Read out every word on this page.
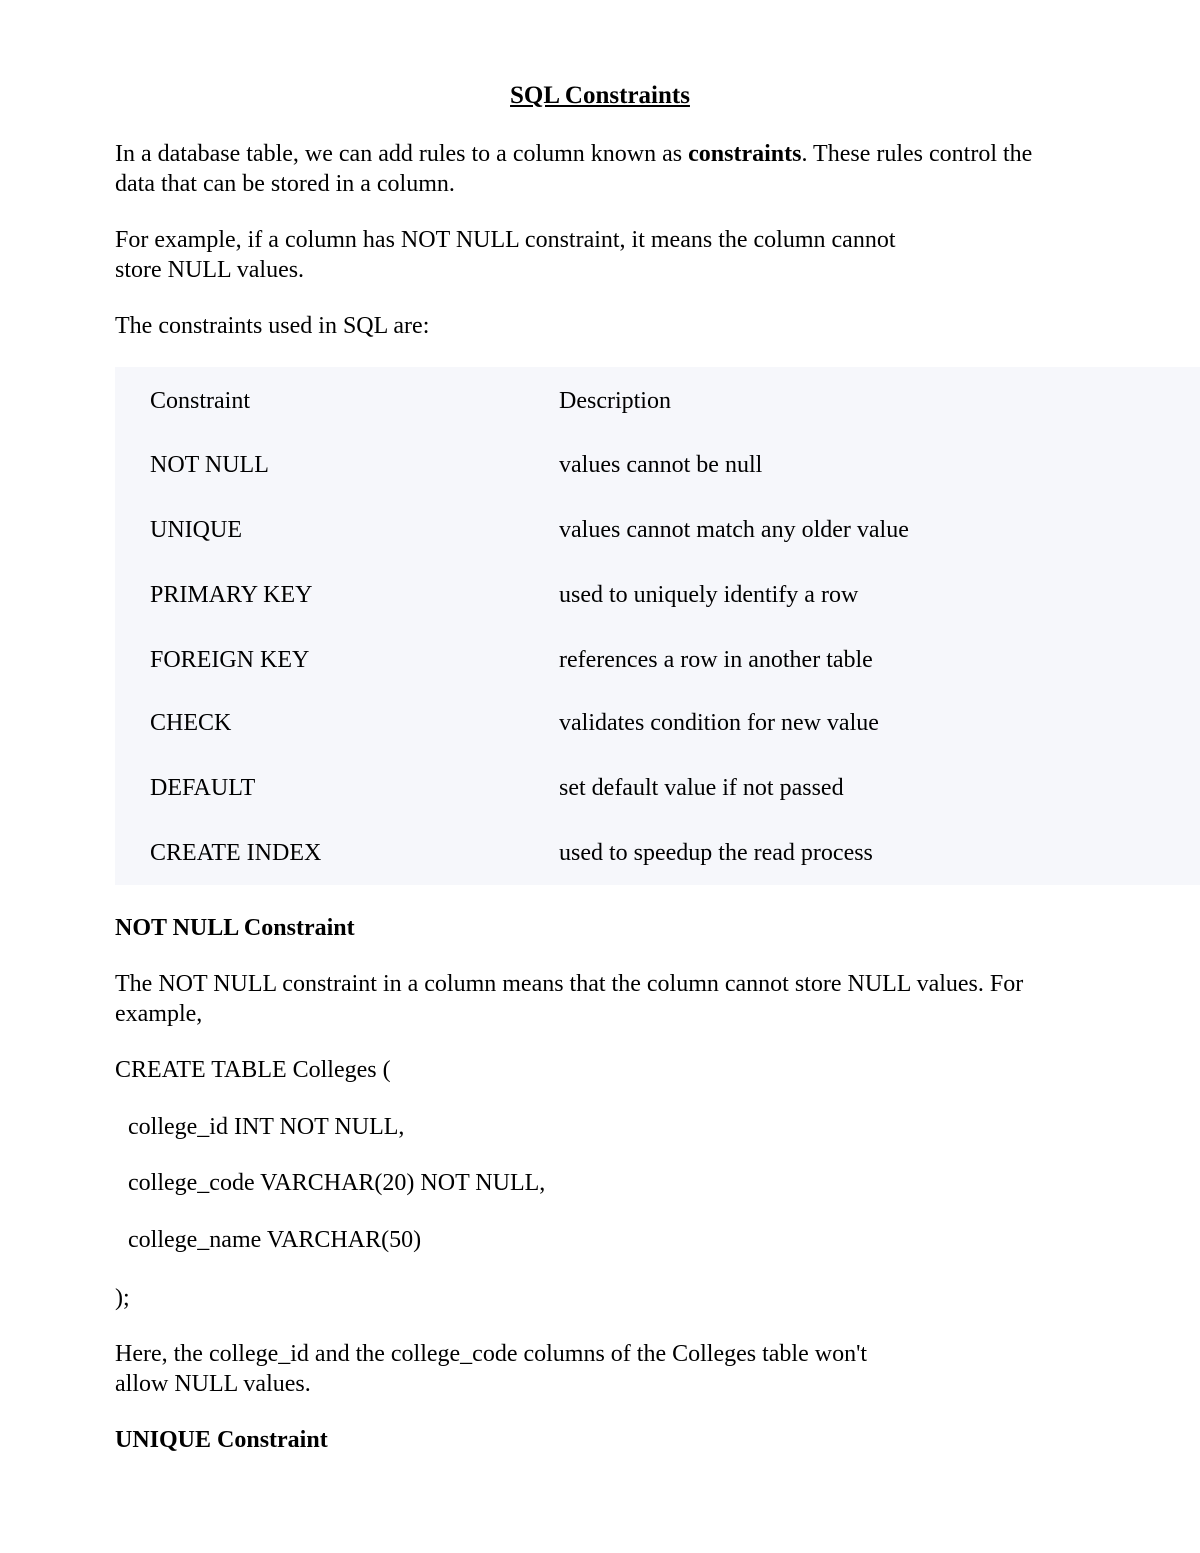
SQL Constraints
In a database table, we can add rules to a column known as constraints. These rules control the
data that can be stored in a column.
For example, if a column has NOT NULL constraint, it means the column cannot
store NULL values.
The constraints used in SQL are:
Constraint	Description
NOT NULL	values cannot be null
UNIQUE	values cannot match any older value
PRIMARY KEY	used to uniquely identify a row
FOREIGN KEY	references a row in another table
CHECK	validates condition for new value
DEFAULT	set default value if not passed
CREATE INDEX	used to speedup the read process
NOT NULL Constraint
The NOT NULL constraint in a column means that the column cannot store NULL values. For
example,
CREATE TABLE Colleges (
college_id INT NOT NULL,
college_code VARCHAR(20) NOT NULL,
college_name VARCHAR(50)
);
Here, the college_id and the college_code columns of the Colleges table won't
allow NULL values.
UNIQUE Constraint
